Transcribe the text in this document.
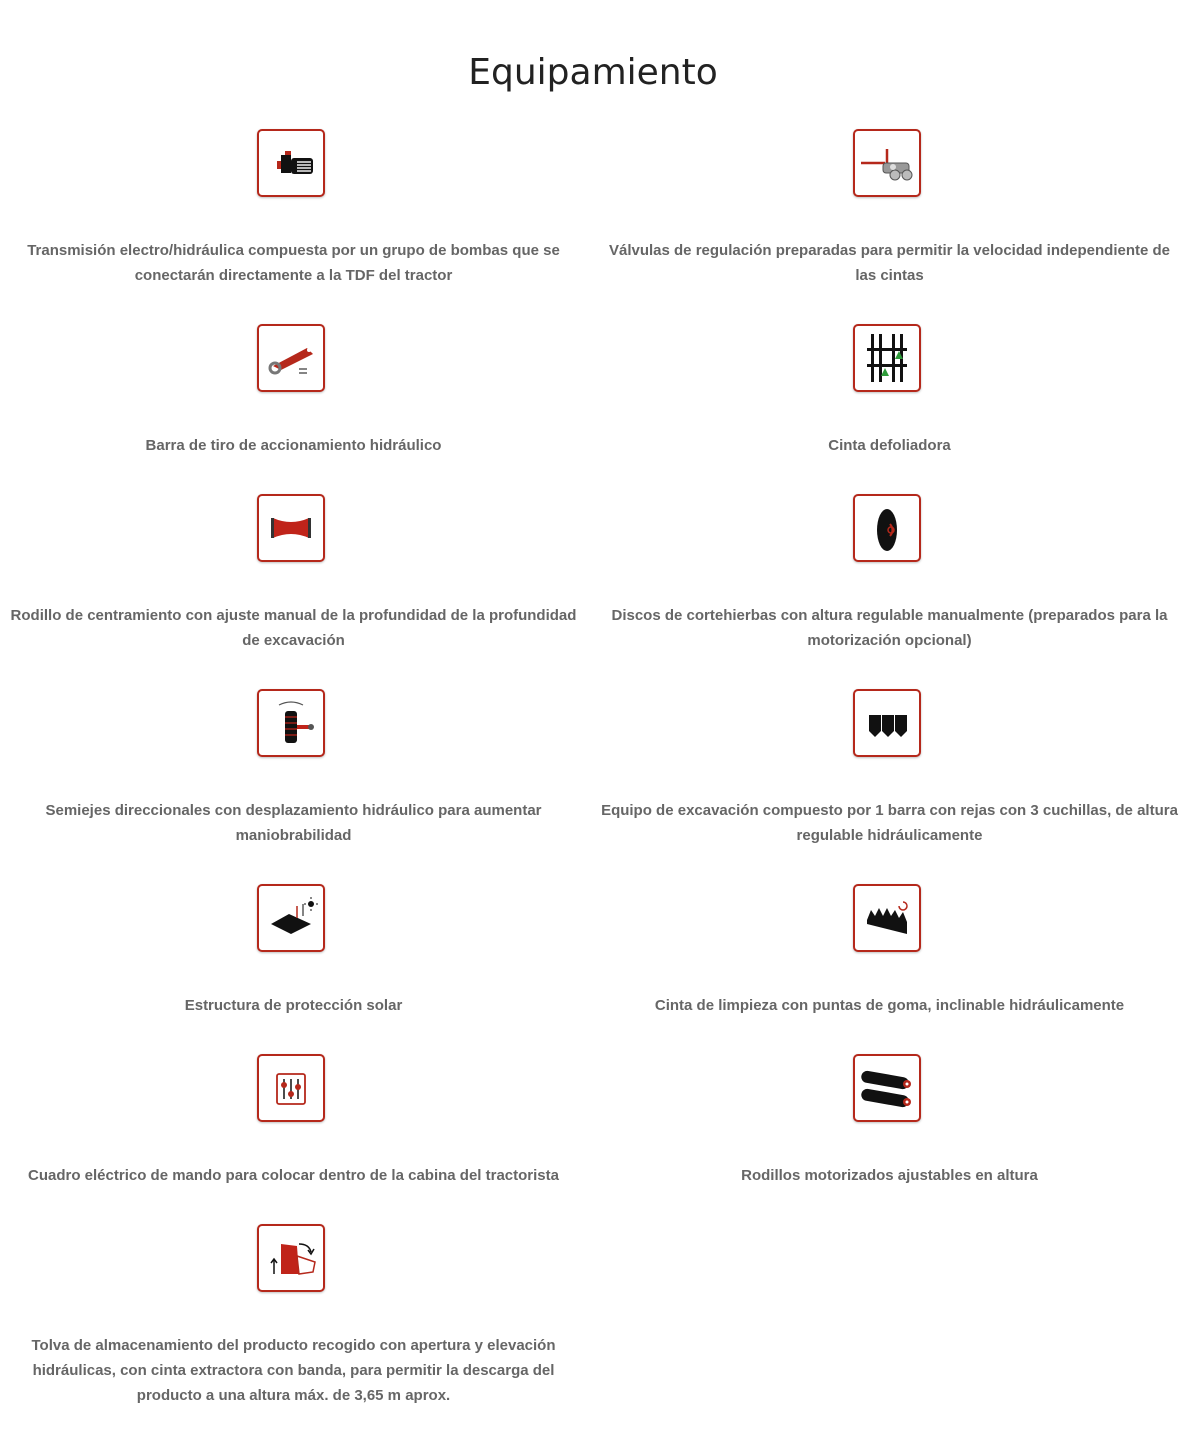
Equipamiento

Transmisión electro/hidráulica compuesta por un grupo de bombas que se conectarán directamente a la TDF del tractor

Válvulas de regulación preparadas para permitir la velocidad independiente de las cintas

Barra de tiro de accionamiento hidráulico	Cinta defoliadora

Rodillo de centramiento con ajuste manual de la profundidad de la profundidad de excavación

Discos de cortehierbas con altura regulable manualmente (preparados para la motorización opcional)

Semiejes direccionales con desplazamiento hidráulico para aumentar maniobrabilidad

Equipo de excavación compuesto por 1 barra con rejas con 3 cuchillas, de altura regulable hidráulicamente

Estructura de protección solar	Cinta de limpieza con puntas de goma, inclinable hidráulicamente

Cuadro eléctrico de mando para colocar dentro de la cabina del tractorista	Rodillos motorizados ajustables en altura

Tolva de almacenamiento del producto recogido con apertura y elevación hidráulicas, con cinta extractora con banda, para permitir la descarga del producto a una altura máx. de 3,65 m aprox.
